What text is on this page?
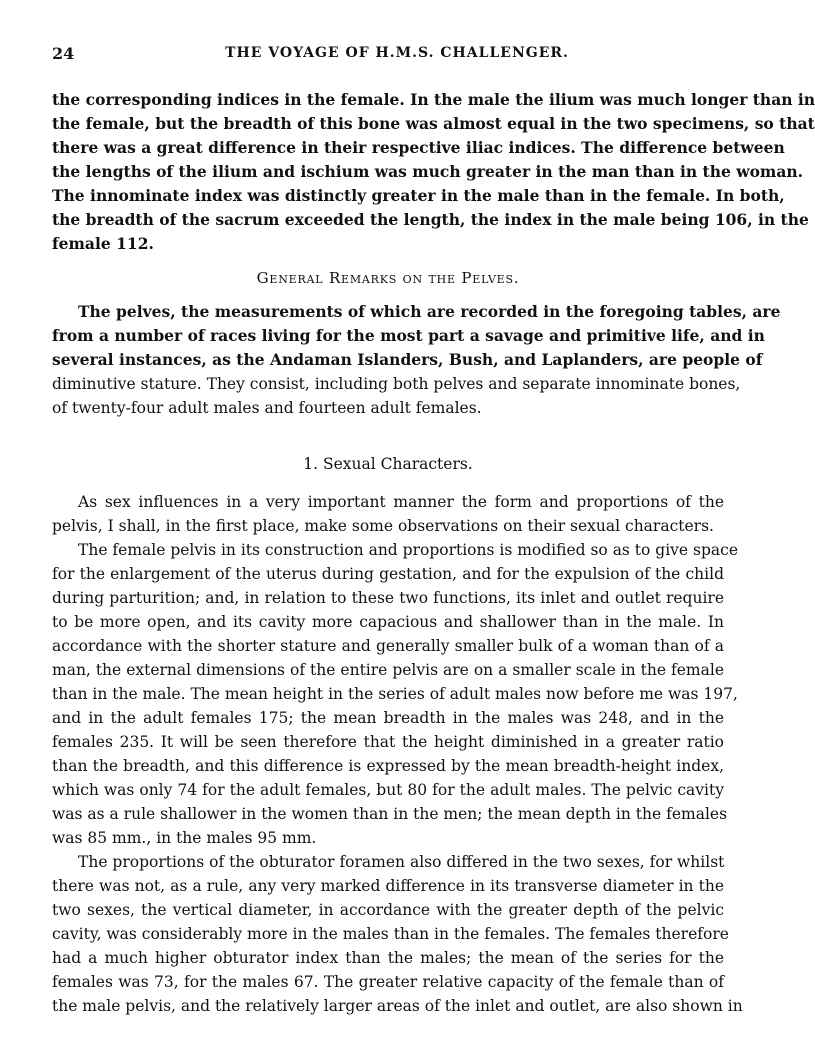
24	THE VOYAGE OF H.M.S. CHALLENGER.
the corresponding indices in the female. In the male the ilium was much longer than in
the female, but the breadth of this bone was almost equal in the two specimens, so that
there was a great difference in their respective iliac indices. The difference between
the lengths of the ilium and ischium was much greater in the man than in the woman.
The innominate index was distinctly greater in the male than in the female. In both,
the breadth of the sacrum exceeded the length, the index in the male being 106, in the
female 112.
General Remarks on the Pelves.
The pelves, the measurements of which are recorded in the foregoing tables, are
from a number of races living for the most part a savage and primitive life, and in
several instances, as the Andaman Islanders, Bush, and Laplanders, are people of
diminutive stature. They consist, including both pelves and separate innominate bones,
of twenty-four adult males and fourteen adult females.
1. Sexual Characters.
As sex influences in a very important manner the form and proportions of the
pelvis, I shall, in the first place, make some observations on their sexual characters.
The female pelvis in its construction and proportions is modified so as to give space
for the enlargement of the uterus during gestation, and for the expulsion of the child
during parturition; and, in relation to these two functions, its inlet and outlet require
to be more open, and its cavity more capacious and shallower than in the male. In
accordance with the shorter stature and generally smaller bulk of a woman than of a
man, the external dimensions of the entire pelvis are on a smaller scale in the female
than in the male. The mean height in the series of adult males now before me was 197,
and in the adult females 175; the mean breadth in the males was 248, and in the
females 235. It will be seen therefore that the height diminished in a greater ratio
than the breadth, and this difference is expressed by the mean breadth-height index,
which was only 74 for the adult females, but 80 for the adult males. The pelvic cavity
was as a rule shallower in the women than in the men; the mean depth in the females
was 85 mm., in the males 95 mm.
The proportions of the obturator foramen also differed in the two sexes, for whilst
there was not, as a rule, any very marked difference in its transverse diameter in the
two sexes, the vertical diameter, in accordance with the greater depth of the pelvic
cavity, was considerably more in the males than in the females. The females therefore
had a much higher obturator index than the males; the mean of the series for the
females was 73, for the males 67. The greater relative capacity of the female than of
the male pelvis, and the relatively larger areas of the inlet and outlet, are also shown in
